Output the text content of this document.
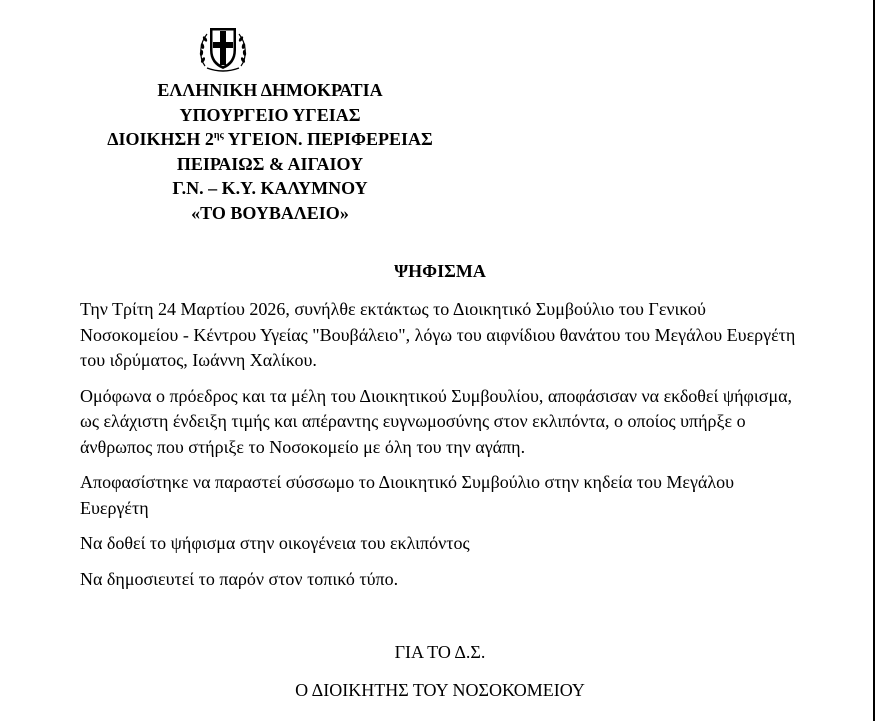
ΕΛΛΗΝΙΚΗ ΔΗΜΟΚΡΑΤΙΑ
ΥΠΟΥΡΓΕΙΟ ΥΓΕΙΑΣ
ΔΙΟΙΚΗΣΗ $2^{\eta\varsigma}$ ΥΓΕΙΟΝ. ΠΕΡΙΦΕΡΕΙΑΣ
ΠΕΙΡΑΙΩΣ & ΑΙΓΑΙΟΥ
Γ.Ν. – Κ.Υ. ΚΑΛΥΜΝΟΥ
«ΤΟ ΒΟΥΒΑΛΕΙΟ»
ΨΗΦΙΣΜΑ

Την Τρίτη 24 Μαρτίου 2026, συνήλθε εκτάκτως το Διοικητικό Συμβούλιο του Γενικού Νοσοκομείου - Κέντρου Υγείας "Βουβάλειο", λόγω του αιφνίδιου θανάτου του Μεγάλου Ευεργέτη του ιδρύματος, Ιωάννη Χαλίκου.

Ομόφωνα ο πρόεδρος και τα μέλη του Διοικητικού Συμβουλίου, αποφάσισαν να εκδοθεί ψήφισμα, ως ελάχιστη ένδειξη τιμής και απέραντης ευγνωμοσύνης στον εκλιπόντα, ο οποίος υπήρξε ο άνθρωπος που στήριξε το Νοσοκομείο με όλη του την αγάπη.

Αποφασίστηκε να παραστεί σύσσωμο το Διοικητικό Συμβούλιο στην κηδεία του Μεγάλου Ευεργέτη

Να δοθεί το ψήφισμα στην οικογένεια του εκλιπόντος

Να δημοσιευτεί το παρόν στον τοπικό τύπο.

ΓΙΑ ΤΟ Δ.Σ.
Ο ΔΙΟΙΚΗΤΗΣ ΤΟΥ ΝΟΣΟΚΟΜΕΙΟΥ
